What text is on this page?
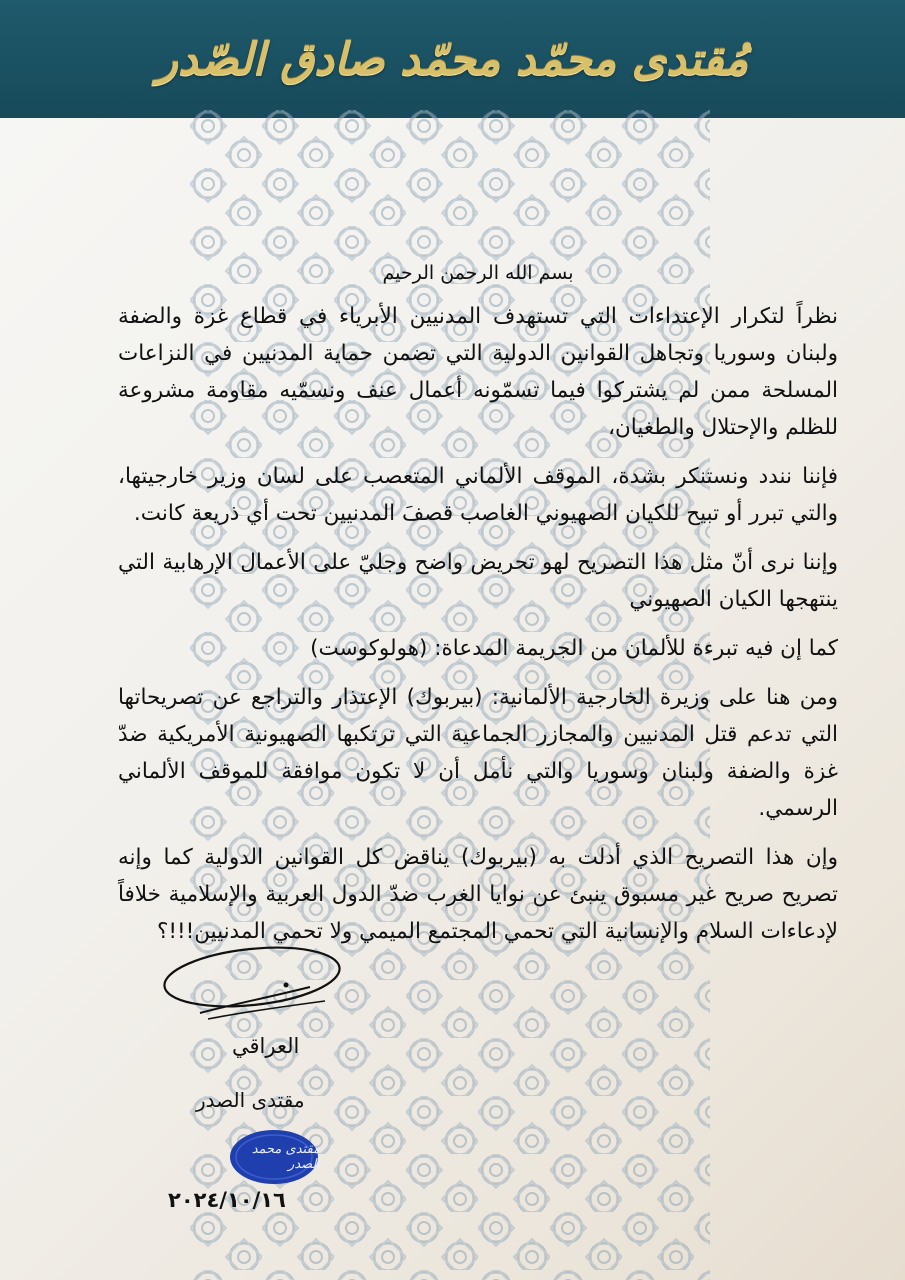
مُقتدى محمّد محمّد صادق الصّدر
بسم الله الرحمن الرحيم

نظراً لتكرار الإعتداءات التي تستهدف المدنيين الأبرياء في قطاع غزة والضفة ولبنان وسوريا وتجاهل القوانين الدولية التي تضمن حماية المدنيين في النزاعات المسلحة ممن لم يشتركوا فيما تسمّونه أعمال عنف ونسمّيه مقاومة مشروعة للظلم والإحتلال والطغيان،

فإننا نندد ونستنكر بشدة، الموقف الألماني المتعصب على لسان وزير خارجيتها، والتي تبرر أو تبيح للكيان الصهيوني الغاصب قصفَ المدنيين تحت أي ذريعة كانت.

وإننا نرى أنّ مثل هذا التصريح لهو تحريض واضح وجليّ على الأعمال الإرهابية التي ينتهجها الكيان الصهيوني

كما إن فيه تبرءة للألمان من الجريمة المدعاة: (هولوكوست)

ومن هنا على وزيرة الخارجية الألمانية: (بيربوك) الإعتذار والتراجع عن تصريحاتها التي تدعم قتل المدنيين والمجازر الجماعية التي ترتكبها الصهيونية الأمريكية ضدّ غزة والضفة ولبنان وسوريا والتي نأمل أن لا تكون موافقة للموقف الألماني الرسمي.

وإن هذا التصريح الذي أدلت به (بيربوك) يناقض كل القوانين الدولية كما وإنه تصريح صريح غير مسبوق ينبئ عن نوايا الغرب ضدّ الدول العربية والإسلامية خلافاً لإدعاءات السلام والإنسانية التي تحمي المجتمع الميمي ولا تحمي المدنيين!!!؟

العراقي
مقتدى الصدر
مقتدى محمد الصدر
٢٠٢٤/١٠/١٦
